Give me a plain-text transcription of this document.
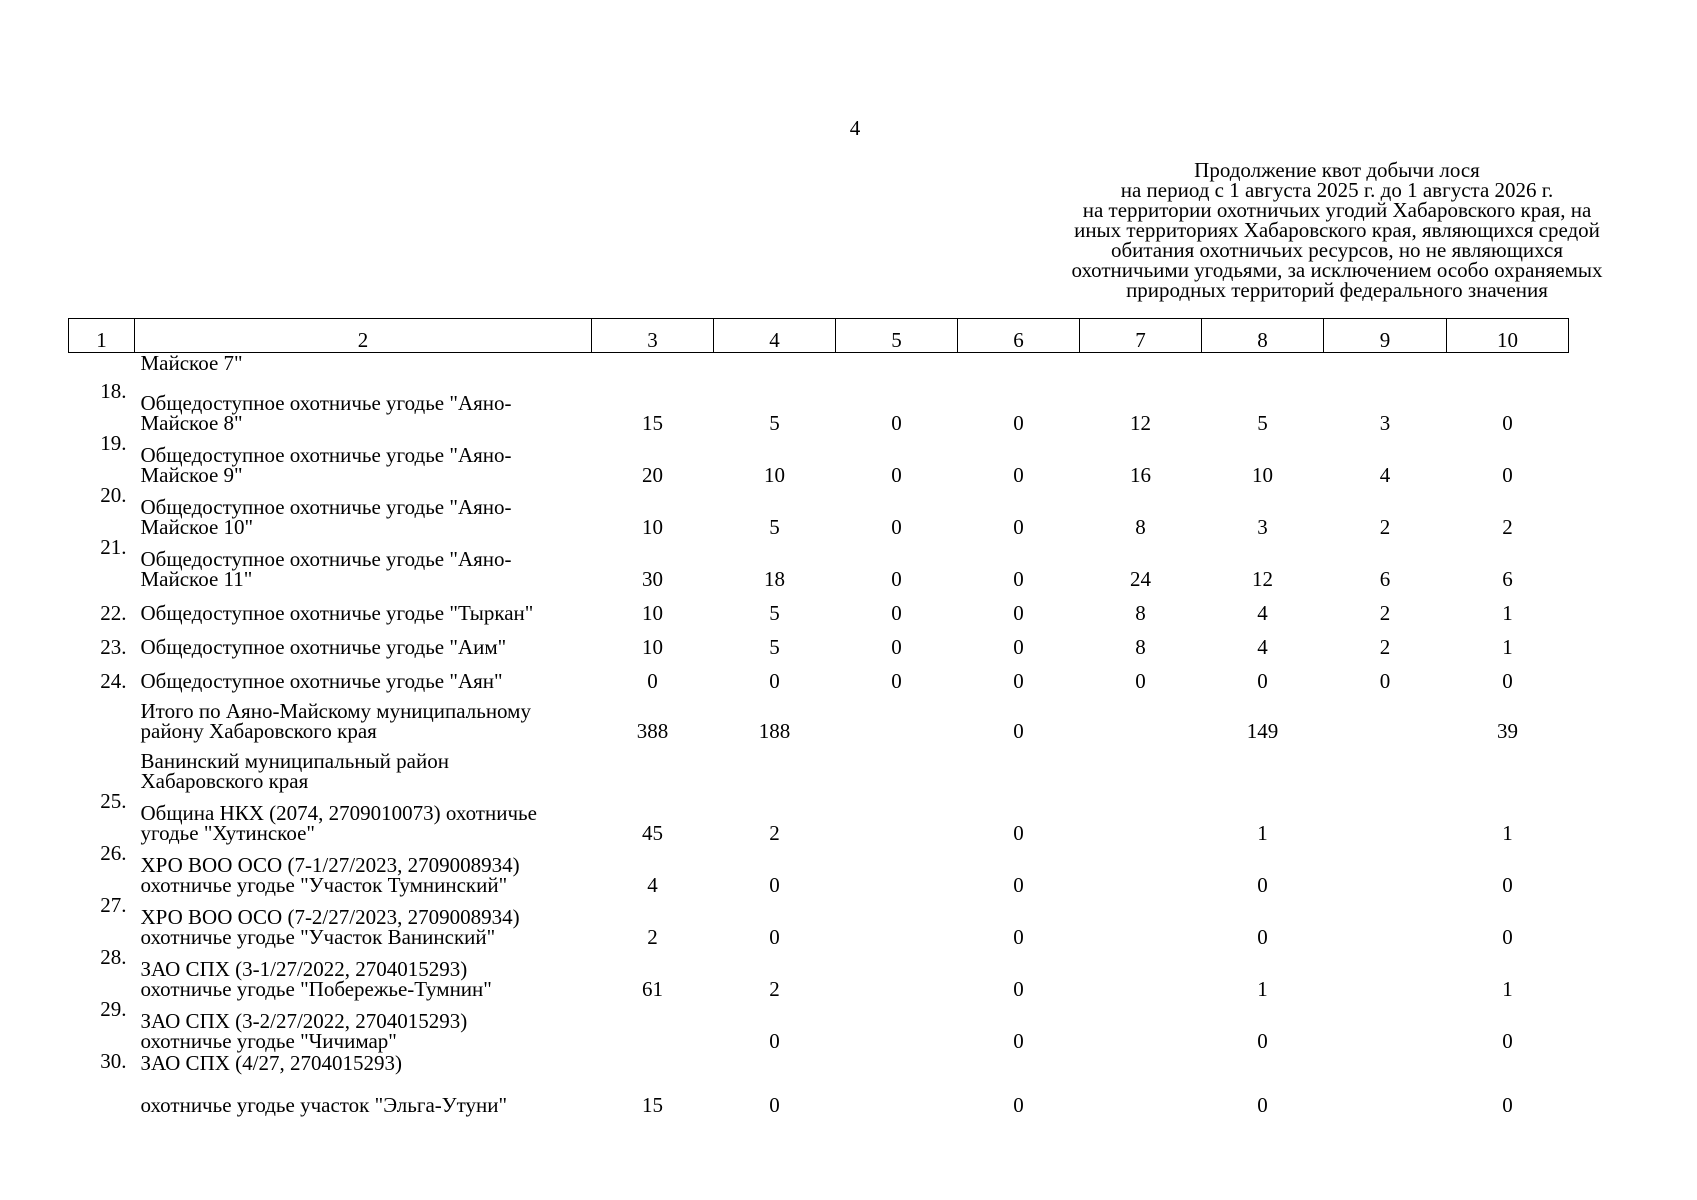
4
Продолжение квот добычи лося
на период с 1 августа 2025 г. до 1 августа 2026 г.
на территории охотничьих угодий Хабаровского края, на
иных территориях Хабаровского края, являющихся средой
обитания охотничьих ресурсов, но не являющихся
охотничьими угодьями, за исключением особо охраняемых
природных территорий федерального значения
1	2	3	4	5	6	7	8	9	10

	Майское 7"								

18.	Общедоступное охотничье угодье "Аяно-
Майское 8"	15	5	0	0	12	5	3	0
19.	Общедоступное охотничье угодье "Аяно-
Майское 9"	20	10	0	0	16	10	4	0
20.	Общедоступное охотничье угодье "Аяно-
Майское 10"	10	5	0	0	8	3	2	2
21.	Общедоступное охотничье угодье "Аяно-
Майское 11"	30	18	0	0	24	12	6	6
22.	Общедоступное охотничье угодье "Тыркан"	10	5	0	0	8	4	2	1
23.	Общедоступное охотничье угодье "Аим"	10	5	0	0	8	4	2	1
24.	Общедоступное охотничье угодье "Аян"	0	0	0	0	0	0	0	0

	Итого по Аяно-Майскому муниципальному
району Хабаровского края	388	188		0		149		39

	Ванинский муниципальный район
Хабаровского края								

25.	Община НКХ (2074, 2709010073) охотничье
угодье "Хутинское"	45	2		0		1		1
26.	ХРО ВОО ОСО (7-1/27/2023, 2709008934)
охотничье угодье "Участок Тумнинский"	4	0		0		0		0
27.	ХРО ВОО ОСО (7-2/27/2023, 2709008934)
охотничье угодье "Участок Ванинский"	2	0		0		0		0
28.	ЗАО СПХ (3-1/27/2022, 2704015293)
охотничье угодье "Побережье-Тумнин"	61	2		0		1		1
29.	ЗАО СПХ (3-2/27/2022, 2704015293)
охотничье угодье "Чичимар"		0		0		0		0
30.	ЗАО СПХ (4/27, 2704015293)
охотничье угодье участок "Эльга-Утуни"	15	0		0		0		0
